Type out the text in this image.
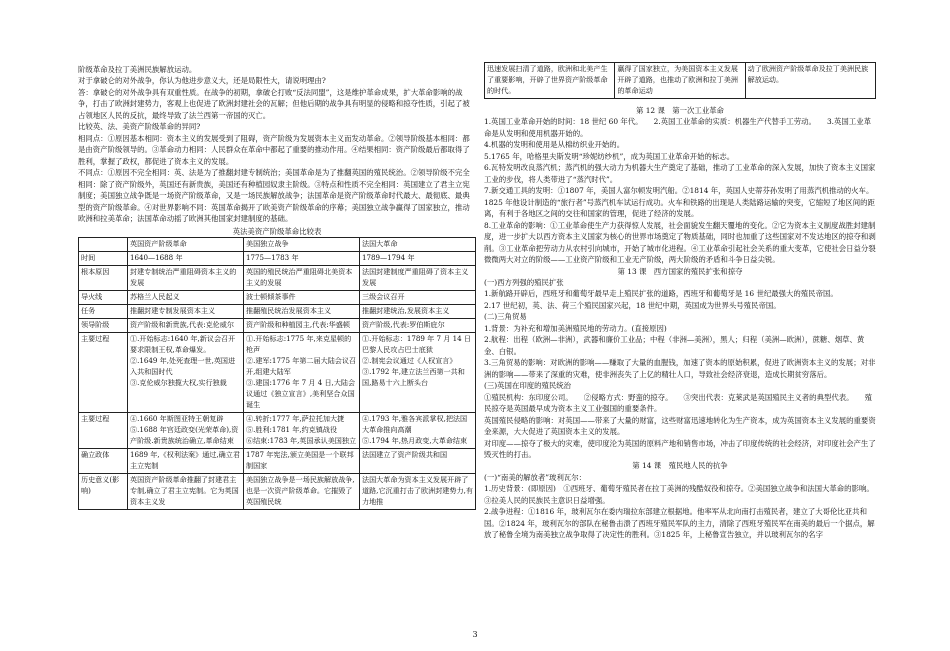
阶级革命及拉丁美洲民族解放运动。

对于拿破仑的对外战争，你认为他进步意义大，还是局限性大，请说明理由?

答：拿破仑的对外战争具有双重性质。在战争的初期，拿破仑打败“反法同盟”，这是维护革命成果，扩大革命影响的战争，打击了欧洲封建势力，客观上也促进了欧洲封建社会的瓦解；但他后期的战争具有明显的侵略和掠夺性质，引起了被占领地区人民的反抗，最终导致了法兰西第一帝国的灭亡。

比较英、法、美资产阶级革命的异同?

相同点：①原因基本相同：资本主义的发展受到了阻碍，资产阶级为发展资本主义而发动革命。②领导阶级基本相同：都是由资产阶级领导的。③革命动力相同：人民群众在革命中都起了重要的推动作用。④结果相同：资产阶级最后都取得了胜利，掌握了政权，都促进了资本主义的发展。

不同点：①原因不完全相同：英、法是为了推翻封建专制统治；美国革命是为了推翻英国的殖民统治。②领导阶级不完全相同：除了资产阶级外，英国还有新贵族，美国还有种植园奴隶主阶级。③特点和性质不完全相同：英国建立了君主立宪制度；美国独立战争既是一场资产阶级革命，又是一场民族解放战争；法国革命是资产阶级革命时代最大、最彻底、最典型的资产阶级革命。④对世界影响不同：英国革命揭开了欧美资产阶级革命的序幕；美国独立战争赢得了国家独立，推动欧洲和拉美革命；法国革命动摇了欧洲其他国家封建制度的基础。

英法美资产阶级革命比较表

	英国资产阶级革命	美国独立战争	法国大革命
时间	1640—1688 年	1775—1783 年	1789—1794 年
根本原因	封建专制统治严重阻碍资本主义的发展	英国的殖民统治严重阻碍北美资本主义的发展	法国封建制度严重阻碍了资本主义发展
导火线	苏格兰人民起义	波士顿倾茶事件	三级会议召开
任务	推翻封建专制发展资本主义	推翻殖民统治发展资本主义	推翻封建统治,发展资本主义
领导阶级	资产阶级和新贵族,代表:克伦威尔	资产阶级和种植园主,代表:华盛顿	资产阶级,代表:罗伯斯庇尔
主要过程	①.开始标志:1640 年,新议会召开要求限制王权,革命爆发。
②.1649 年,处死查理一世,英国进入共和国时代
③.克伦威尔独揽大权,实行独裁	①.开始标志:1775 年,来克星顿的枪声
②.建军:1775 年第二届大陆会议召开,组建大陆军
③.建国:1776 年 7 月 4 日,大陆会议通过《独立宣言》,美利坚合众国诞生	①.开始标志：1789 年 7 月 14 日巴黎人民攻占巴士底狱
②.制宪会议通过《人权宣言》
③.1792 年,建立法兰西第一共和国,路易十六上断头台
主要过程	④.1660 年斯图亚特王朝复辟
⑤.1688 年宫廷政变(光荣革命),资产阶级.新贵族统治确立,革命结束	④.转折:1777 年,萨拉托加大捷
⑤.胜利:1781 年,约克镇战役
⑥结束:1783 年,英国承认美国独立	④.1793 年,雅各宾派掌权,把法国大革命推向高潮
⑤.1794 年,热月政变,大革命结束
确立政体	1689 年,《权利法案》通过,确立君主立宪制	1787 年宪法,颁立美国是一个联邦制国家	法国建立了资产阶级共和国
历史意义(影响)	英国资产阶级革命推翻了封建君主专制,确立了君主立宪制。它为英国资本主义发	美国独立战争是一场民族解放战争,也是一次资产阶级革命。它摧毁了英国殖民统	法国大革命为资本主义发展开辟了道路,它沉重打击了欧洲封建势力,有力地推
迅速发展扫清了道路，欧洲和北美产生了重要影响，开辟了世界资产阶级革命的时代。	赢得了国家独立，为美国资本主义发展开辟了道路，也推动了欧洲和拉丁美洲的革命运动	动了欧洲资产阶级革命及拉丁美洲民族解放运动。

第 12 课　第一次工业革命

1.英国工业革命开始的时间：18 世纪 60 年代。　　2.英国工业革命的实质：机器生产代替手工劳动。　　3.英国工业革命是从发明和使用机器开始的。

4.机器的发明和使用是从棉纺织业开始的。

5.1765 年，哈格里夫斯发明“珍妮纺纱机”，成为英国工业革命开始的标志。

6.瓦特发明改良蒸汽机；蒸汽机的强大动力为机器大生产奠定了基础，推动了工业革命的深入发展，加快了资本主义国家工业的步伐，将人类带进了“蒸汽时代”。

7.新交通工具的发明：①1807 年，美国人富尔顿发明汽船。②1814 年，英国人史蒂芬孙发明了用蒸汽机推动的火车。1825 年他设计制造的“旅行者”号蒸汽机车试运行成功。火车和铁路的出现是人类陆路运输的突变，它缩短了地区间的距离，有利于各地区之间的交往和国家的管理，促进了经济的发展。

8.工业革命的影响：①工业革命使生产力获得惊人发展，社会面貌发生翻天覆地的变化。②它为资本主义制度战胜封建制度，进一步扩大以西方资本主义国家为核心的世界市场奠定了物质基础，同时也加重了这些国家对不发达地区的掠夺和剥削。③工业革命把劳动力从农村引向城市，开始了城市化进程。④工业革命引起社会关系的重大变革，它使社会日益分裂微微两大对立的阶级——工业资产阶级和工业无产阶级，两大阶级的矛盾和斗争日益尖锐。

第 13 课　西方国家的殖民扩张和掠夺

(一)西方列强的殖民扩张

1.新航路开辟后，西班牙和葡萄牙最早走上殖民扩张的道路，西班牙和葡萄牙是 16 世纪最强大的殖民帝国。

2.17 世纪初，英、法、荷三个殖民国家兴起，18 世纪中期，英国成为世界头号殖民帝国。

(二)三角贸易

1.背景：为补充和增加美洲殖民地的劳动力。(直接原因)

2.航程：出程（欧洲—非洲），武器和廉价工业品；中程（非洲—美洲），黑人；归程（美洲—欧洲），蔗糖、烟草、黄金、白银。

3.三角贸易的影响：对欧洲的影响——赚取了大量的血腥钱，加速了资本的原始积累，促进了欧洲资本主义的发展；对非洲的影响——带来了深重的灾难，使非洲丧失了上亿的精壮人口，导致社会经济衰退，造成长期贫穷落后。

(三)英国在印度的殖民统治

①殖民机构：东印度公司。　　②侵略方式：野蛮的掠夺。　　③突出代表：克莱武是英国殖民主义者的典型代表。　　殖民掠夺是英国最早成为资本主义工业强国的重要条件。

英国殖民侵略的影响：对英国——带来了大量的财富，这些财富迅速地转化为生产资本，成为英国资本主义发展的重要资金来源，大大促进了英国资本主义的发展。

对印度——掠夺了极大的灾难，使印度沦为英国的原料产地和销售市场，冲击了印度传统的社会经济，对印度社会产生了毁灭性的打击。

第 14 课　殖民地人民的抗争

(一)“南美的解放者”玻利瓦尔：

1.历史背景：(即原因)　①西班牙、葡萄牙殖民者在拉丁美洲的残酷奴役和掠夺。②美国独立战争和法国大革命的影响。③拉美人民的民族民主意识日益增强。

2.战争进程：①1816 年，玻利瓦尔在委内瑞拉东部建立根据地。他率军从北向南打击殖民者，建立了大哥伦比亚共和国。②1824 年，玻利瓦尔的部队在秘鲁击溃了西班牙殖民军队的主力，清除了西班牙殖民军在南美的最后一个据点，解放了秘鲁全境为南美独立战争取得了决定性的胜利。③1825 年，上秘鲁宣告独立，并以玻利瓦尔的名字

3
